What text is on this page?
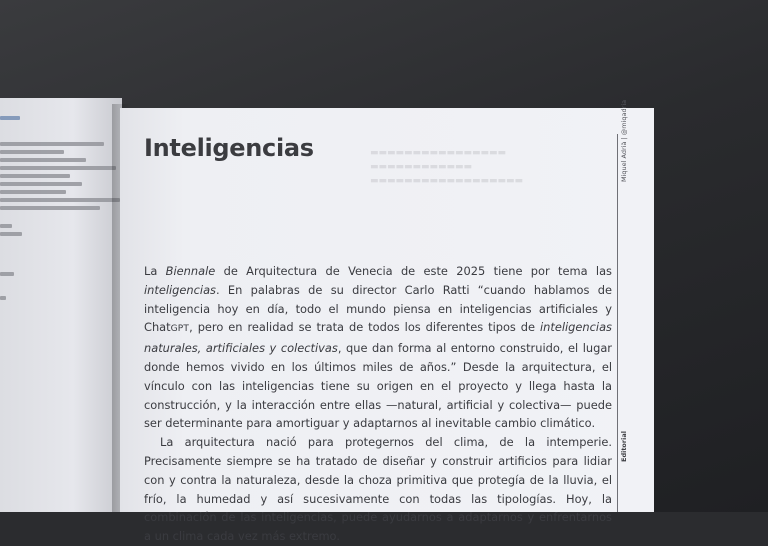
▬▬▬▬▬▬▬▬▬▬▬▬▬▬▬▬
▬▬▬▬▬▬▬▬▬▬▬▬
▬▬▬▬▬▬▬▬▬▬▬▬▬▬▬▬▬▬
Inteligencias	Miquel Adrià | @miqadria
Editorial

La Biennale de Arquitectura de Venecia de este 2025 tiene por tema las inteligencias. En palabras de su director Carlo Ratti “cuando hablamos de inteligencia hoy en día, todo el mundo piensa en inteligencias artificiales y ChatGPT, pero en realidad se trata de todos los diferentes tipos de inteligencias naturales, artificiales y colectivas, que dan forma al entorno construido, el lugar donde hemos vivido en los últimos miles de años.” Desde la arquitectura, el vínculo con las inteligencias tiene su origen en el proyecto y llega hasta la construcción, y la interacción entre ellas —natural, artificial y colectiva— puede ser determinante para amortiguar y adaptarnos al inevitable cambio climático.

La arquitectura nació para protegernos del clima, de la intemperie. Precisamente siempre se ha tratado de diseñar y construir artificios para lidiar con y contra la naturaleza, desde la choza primitiva que protegía de la lluvia, el frío, la humedad y así sucesivamente con todas las tipologías. Hoy, la combinación de las inteligencias, puede ayudarnos a adaptarnos y enfrentarnos a un clima cada vez más extremo.
